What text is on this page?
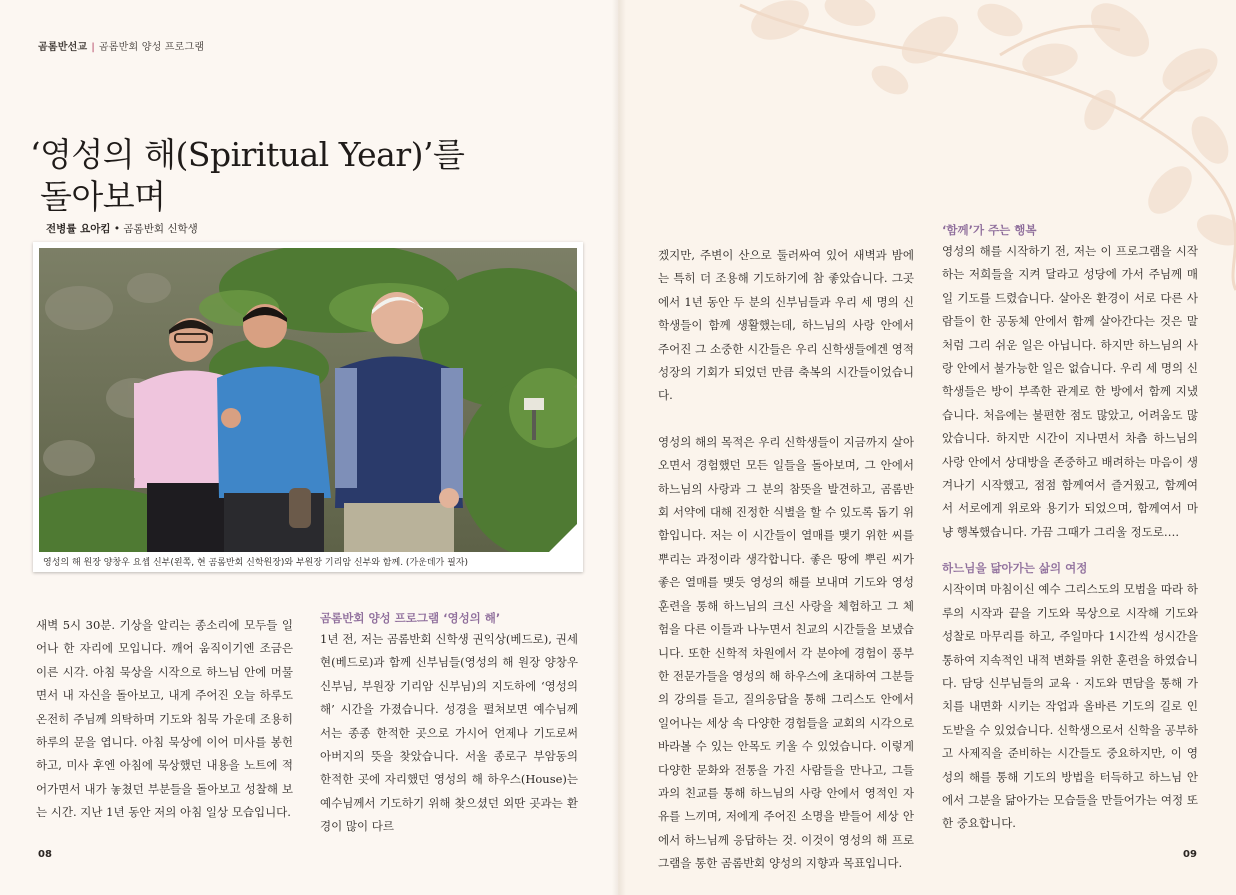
곰롬반선교 | 곰롬반회 양성 프로그램
‘영성의 해(Spiritual Year)’를
돌아보며
전병률 요아킴 • 곰롬반회 신학생
영성의 해 원장 양창우 요셉 신부(왼쪽, 현 곰롬반회 신학원장)와 부원장 기리암 신부와 함께. (가운데가 필자)

새벽 5시 30분. 기상을 알리는 종소리에 모두들 일어나 한 자리에 모입니다. 깨어 움직이기엔 조금은 이른 시각. 아침 묵상을 시작으로 하느님 안에 머물면서 내 자신을 돌아보고, 내게 주어진 오늘 하루도 온전히 주님께 의탁하며 기도와 침묵 가운데 조용히 하루의 문을 엽니다. 아침 묵상에 이어 미사를 봉헌하고, 미사 후엔 아침에 묵상했던 내용을 노트에 적어가면서 내가 놓쳤던 부분들을 돌아보고 성찰해 보는 시간. 지난 1년 동안 저의 아침 일상 모습입니다.

곰롬반회 양성 프로그램 ‘영성의 해’

1년 전, 저는 곰롬반회 신학생 권익상(베드로), 권세현(베드로)과 함께 신부님들(영성의 해 원장 양창우 신부님, 부원장 기리암 신부님)의 지도하에 ‘영성의 해’ 시간을 가졌습니다. 성경을 펼쳐보면 예수님께서는 종종 한적한 곳으로 가시어 언제나 기도로써 아버지의 뜻을 찾았습니다. 서울 종로구 부암동의 한적한 곳에 자리했던 영성의 해 하우스(House)는 예수님께서 기도하기 위해 찾으셨던 외딴 곳과는 환경이 많이 다르

겠지만, 주변이 산으로 둘러싸여 있어 새벽과 밤에는 특히 더 조용해 기도하기에 참 좋았습니다. 그곳에서 1년 동안 두 분의 신부님들과 우리 세 명의 신학생들이 함께 생활했는데, 하느님의 사랑 안에서 주어진 그 소중한 시간들은 우리 신학생들에겐 영적 성장의 기회가 되었던 만큼 축복의 시간들이었습니다.

영성의 해의 목적은 우리 신학생들이 지금까지 살아오면서 경험했던 모든 일들을 돌아보며, 그 안에서 하느님의 사랑과 그 분의 참뜻을 발견하고, 곰롬반회 서약에 대해 진정한 식별을 할 수 있도록 돕기 위함입니다. 저는 이 시간들이 열매를 맺기 위한 씨를 뿌리는 과정이라 생각합니다. 좋은 땅에 뿌린 씨가 좋은 열매를 맺듯 영성의 해를 보내며 기도와 영성 훈련을 통해 하느님의 크신 사랑을 체험하고 그 체험을 다른 이들과 나누면서 친교의 시간들을 보냈습니다. 또한 신학적 차원에서 각 분야에 경험이 풍부한 전문가들을 영성의 해 하우스에 초대하여 그분들의 강의를 듣고, 질의응답을 통해 그리스도 안에서 일어나는 세상 속 다양한 경험들을 교회의 시각으로 바라볼 수 있는 안목도 키울 수 있었습니다. 이렇게 다양한 문화와 전통을 가진 사람들을 만나고, 그들과의 친교를 통해 하느님의 사랑 안에서 영적인 자유를 느끼며, 저에게 주어진 소명을 받들어 세상 안에서 하느님께 응답하는 것. 이것이 영성의 해 프로그램을 통한 곰롬반회 양성의 지향과 목표입니다.

‘함께’가 주는 행복

영성의 해를 시작하기 전, 저는 이 프로그램을 시작하는 저희들을 지켜 달라고 성당에 가서 주님께 매일 기도를 드렸습니다. 살아온 환경이 서로 다른 사람들이 한 공동체 안에서 함께 살아간다는 것은 말처럼 그리 쉬운 일은 아닙니다. 하지만 하느님의 사랑 안에서 불가능한 일은 없습니다. 우리 세 명의 신학생들은 방이 부족한 관계로 한 방에서 함께 지냈습니다. 처음에는 불편한 점도 많았고, 어려움도 많았습니다. 하지만 시간이 지나면서 차츰 하느님의 사랑 안에서 상대방을 존중하고 배려하는 마음이 생겨나기 시작했고, 점점 함께여서 즐거웠고, 함께여서 서로에게 위로와 용기가 되었으며, 함께여서 마냥 행복했습니다. 가끔 그때가 그리울 정도로….

하느님을 닮아가는 삶의 여정

시작이며 마침이신 예수 그리스도의 모범을 따라 하루의 시작과 끝을 기도와 묵상으로 시작해 기도와 성찰로 마무리를 하고, 주일마다 1시간씩 성시간을 통하여 지속적인 내적 변화를 위한 훈련을 하였습니다. 담당 신부님들의 교육 · 지도와 면담을 통해 가치를 내면화 시키는 작업과 올바른 기도의 길로 인도받을 수 있었습니다. 신학생으로서 신학을 공부하고 사제직을 준비하는 시간들도 중요하지만, 이 영성의 해를 통해 기도의 방법을 터득하고 하느님 안에서 그분을 닮아가는 모습들을 만들어가는 여정 또한 중요합니다.

08	09
